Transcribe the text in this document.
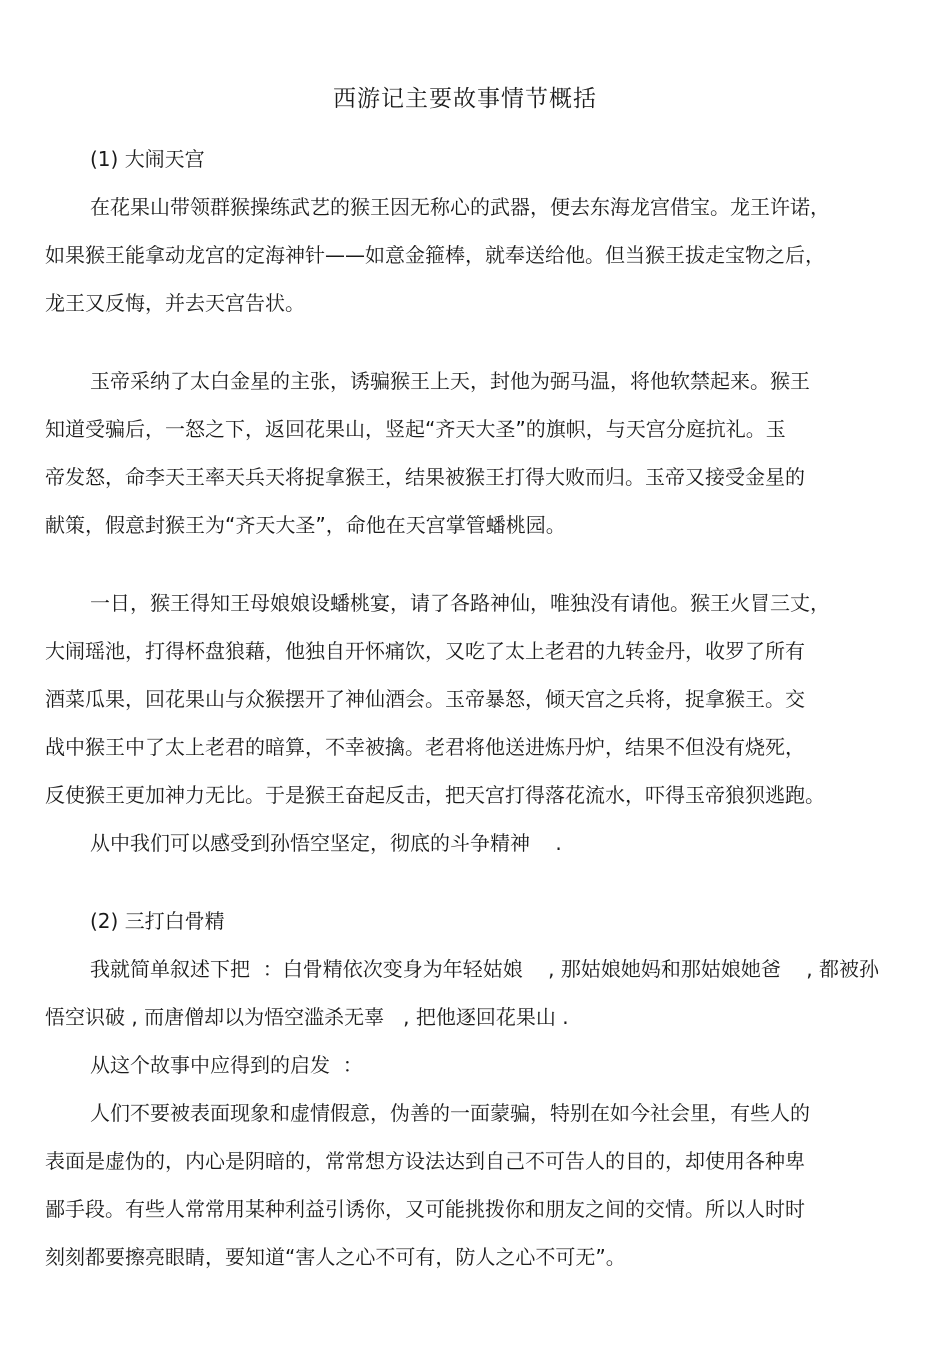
西游记主要故事情节概括
(1) 大闹天宫
在花果山带领群猴操练武艺的猴王因无称心的武器，便去东海龙宫借宝。龙王许诺，
如果猴王能拿动龙宫的定海神针——如意金箍棒，就奉送给他。但当猴王拔走宝物之后，
龙王又反悔，并去天宫告状。
玉帝采纳了太白金星的主张，诱骗猴王上天，封他为弼马温，将他软禁起来。猴王
知道受骗后，一怒之下，返回花果山，竖起“齐天大圣”的旗帜，与天宫分庭抗礼。玉
帝发怒，命李天王率天兵天将捉拿猴王，结果被猴王打得大败而归。玉帝又接受金星的
献策，假意封猴王为“齐天大圣”，命他在天宫掌管蟠桃园。
一日，猴王得知王母娘娘设蟠桃宴，请了各路神仙，唯独没有请他。猴王火冒三丈，
大闹瑶池，打得杯盘狼藉，他独自开怀痛饮，又吃了太上老君的九转金丹，收罗了所有
酒菜瓜果，回花果山与众猴摆开了神仙酒会。玉帝暴怒，倾天宫之兵将，捉拿猴王。交
战中猴王中了太上老君的暗算，不幸被擒。老君将他送进炼丹炉，结果不但没有烧死，
反使猴王更加神力无比。于是猴王奋起反击，把天宫打得落花流水，吓得玉帝狼狈逃跑。
从中我们可以感受到孙悟空坚定，彻底的斗争精神    .
(2) 三打白骨精
我就简单叙述下把  ：白骨精依次变身为年轻姑娘    , 那姑娘她妈和那姑娘她爸    , 都被孙
悟空识破 , 而唐僧却以为悟空滥杀无辜   , 把他逐回花果山 .
从这个故事中应得到的启发  ：
人们不要被表面现象和虚情假意，伪善的一面蒙骗，特别在如今社会里，有些人的
表面是虚伪的，内心是阴暗的，常常想方设法达到自己不可告人的目的，却使用各种卑
鄙手段。有些人常常用某种利益引诱你，又可能挑拨你和朋友之间的交情。所以人时时
刻刻都要擦亮眼睛，要知道“害人之心不可有，防人之心不可无”。
